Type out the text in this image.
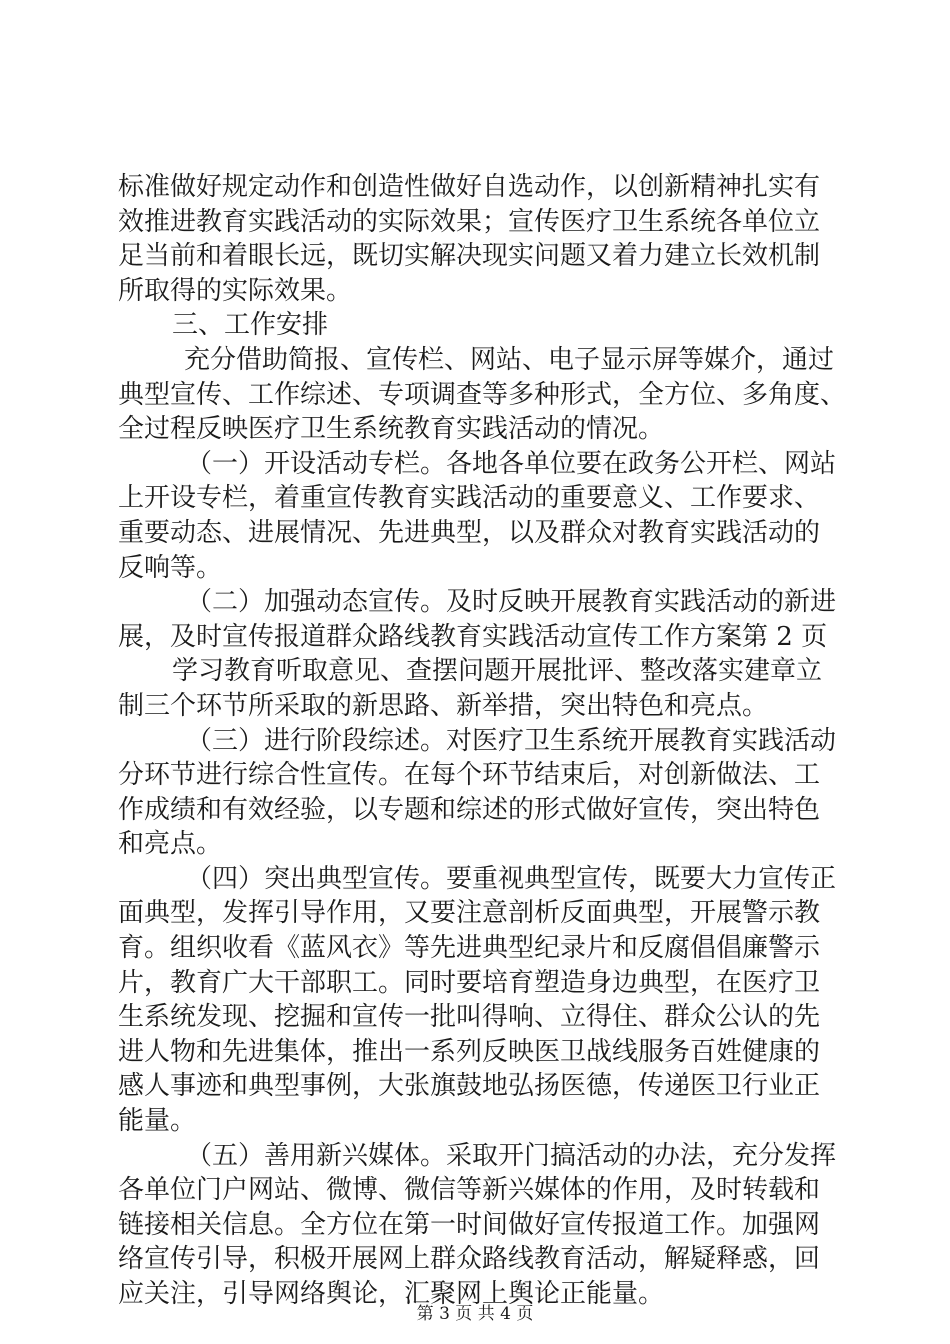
标准做好规定动作和创造性做好自选动作，以创新精神扎实有
效推进教育实践活动的实际效果；宣传医疗卫生系统各单位立
足当前和着眼长远，既切实解决现实问题又着力建立长效机制
所取得的实际效果。
三、工作安排
充分借助简报、宣传栏、网站、电子显示屏等媒介，通过
典型宣传、工作综述、专项调查等多种形式，全方位、多角度、
全过程反映医疗卫生系统教育实践活动的情况。
（一）开设活动专栏。各地各单位要在政务公开栏、网站
上开设专栏，着重宣传教育实践活动的重要意义、工作要求、
重要动态、进展情况、先进典型，以及群众对教育实践活动的
反响等。
（二）加强动态宣传。及时反映开展教育实践活动的新进
展，及时宣传报道群众路线教育实践活动宣传工作方案第 2 页
学习教育听取意见、查摆问题开展批评、整改落实建章立
制三个环节所采取的新思路、新举措，突出特色和亮点。
（三）进行阶段综述。对医疗卫生系统开展教育实践活动
分环节进行综合性宣传。在每个环节结束后，对创新做法、工
作成绩和有效经验，以专题和综述的形式做好宣传，突出特色
和亮点。
（四）突出典型宣传。要重视典型宣传，既要大力宣传正
面典型，发挥引导作用，又要注意剖析反面典型，开展警示教
育。组织收看《蓝风衣》等先进典型纪录片和反腐倡倡廉警示
片，教育广大干部职工。同时要培育塑造身边典型，在医疗卫
生系统发现、挖掘和宣传一批叫得响、立得住、群众公认的先
进人物和先进集体，推出一系列反映医卫战线服务百姓健康的
感人事迹和典型事例，大张旗鼓地弘扬医德，传递医卫行业正
能量。
（五）善用新兴媒体。采取开门搞活动的办法，充分发挥
各单位门户网站、微博、微信等新兴媒体的作用，及时转载和
链接相关信息。全方位在第一时间做好宣传报道工作。加强网
络宣传引导，积极开展网上群众路线教育活动，解疑释惑，回
应关注，引导网络舆论，汇聚网上舆论正能量。

第 3 页 共 4 页
